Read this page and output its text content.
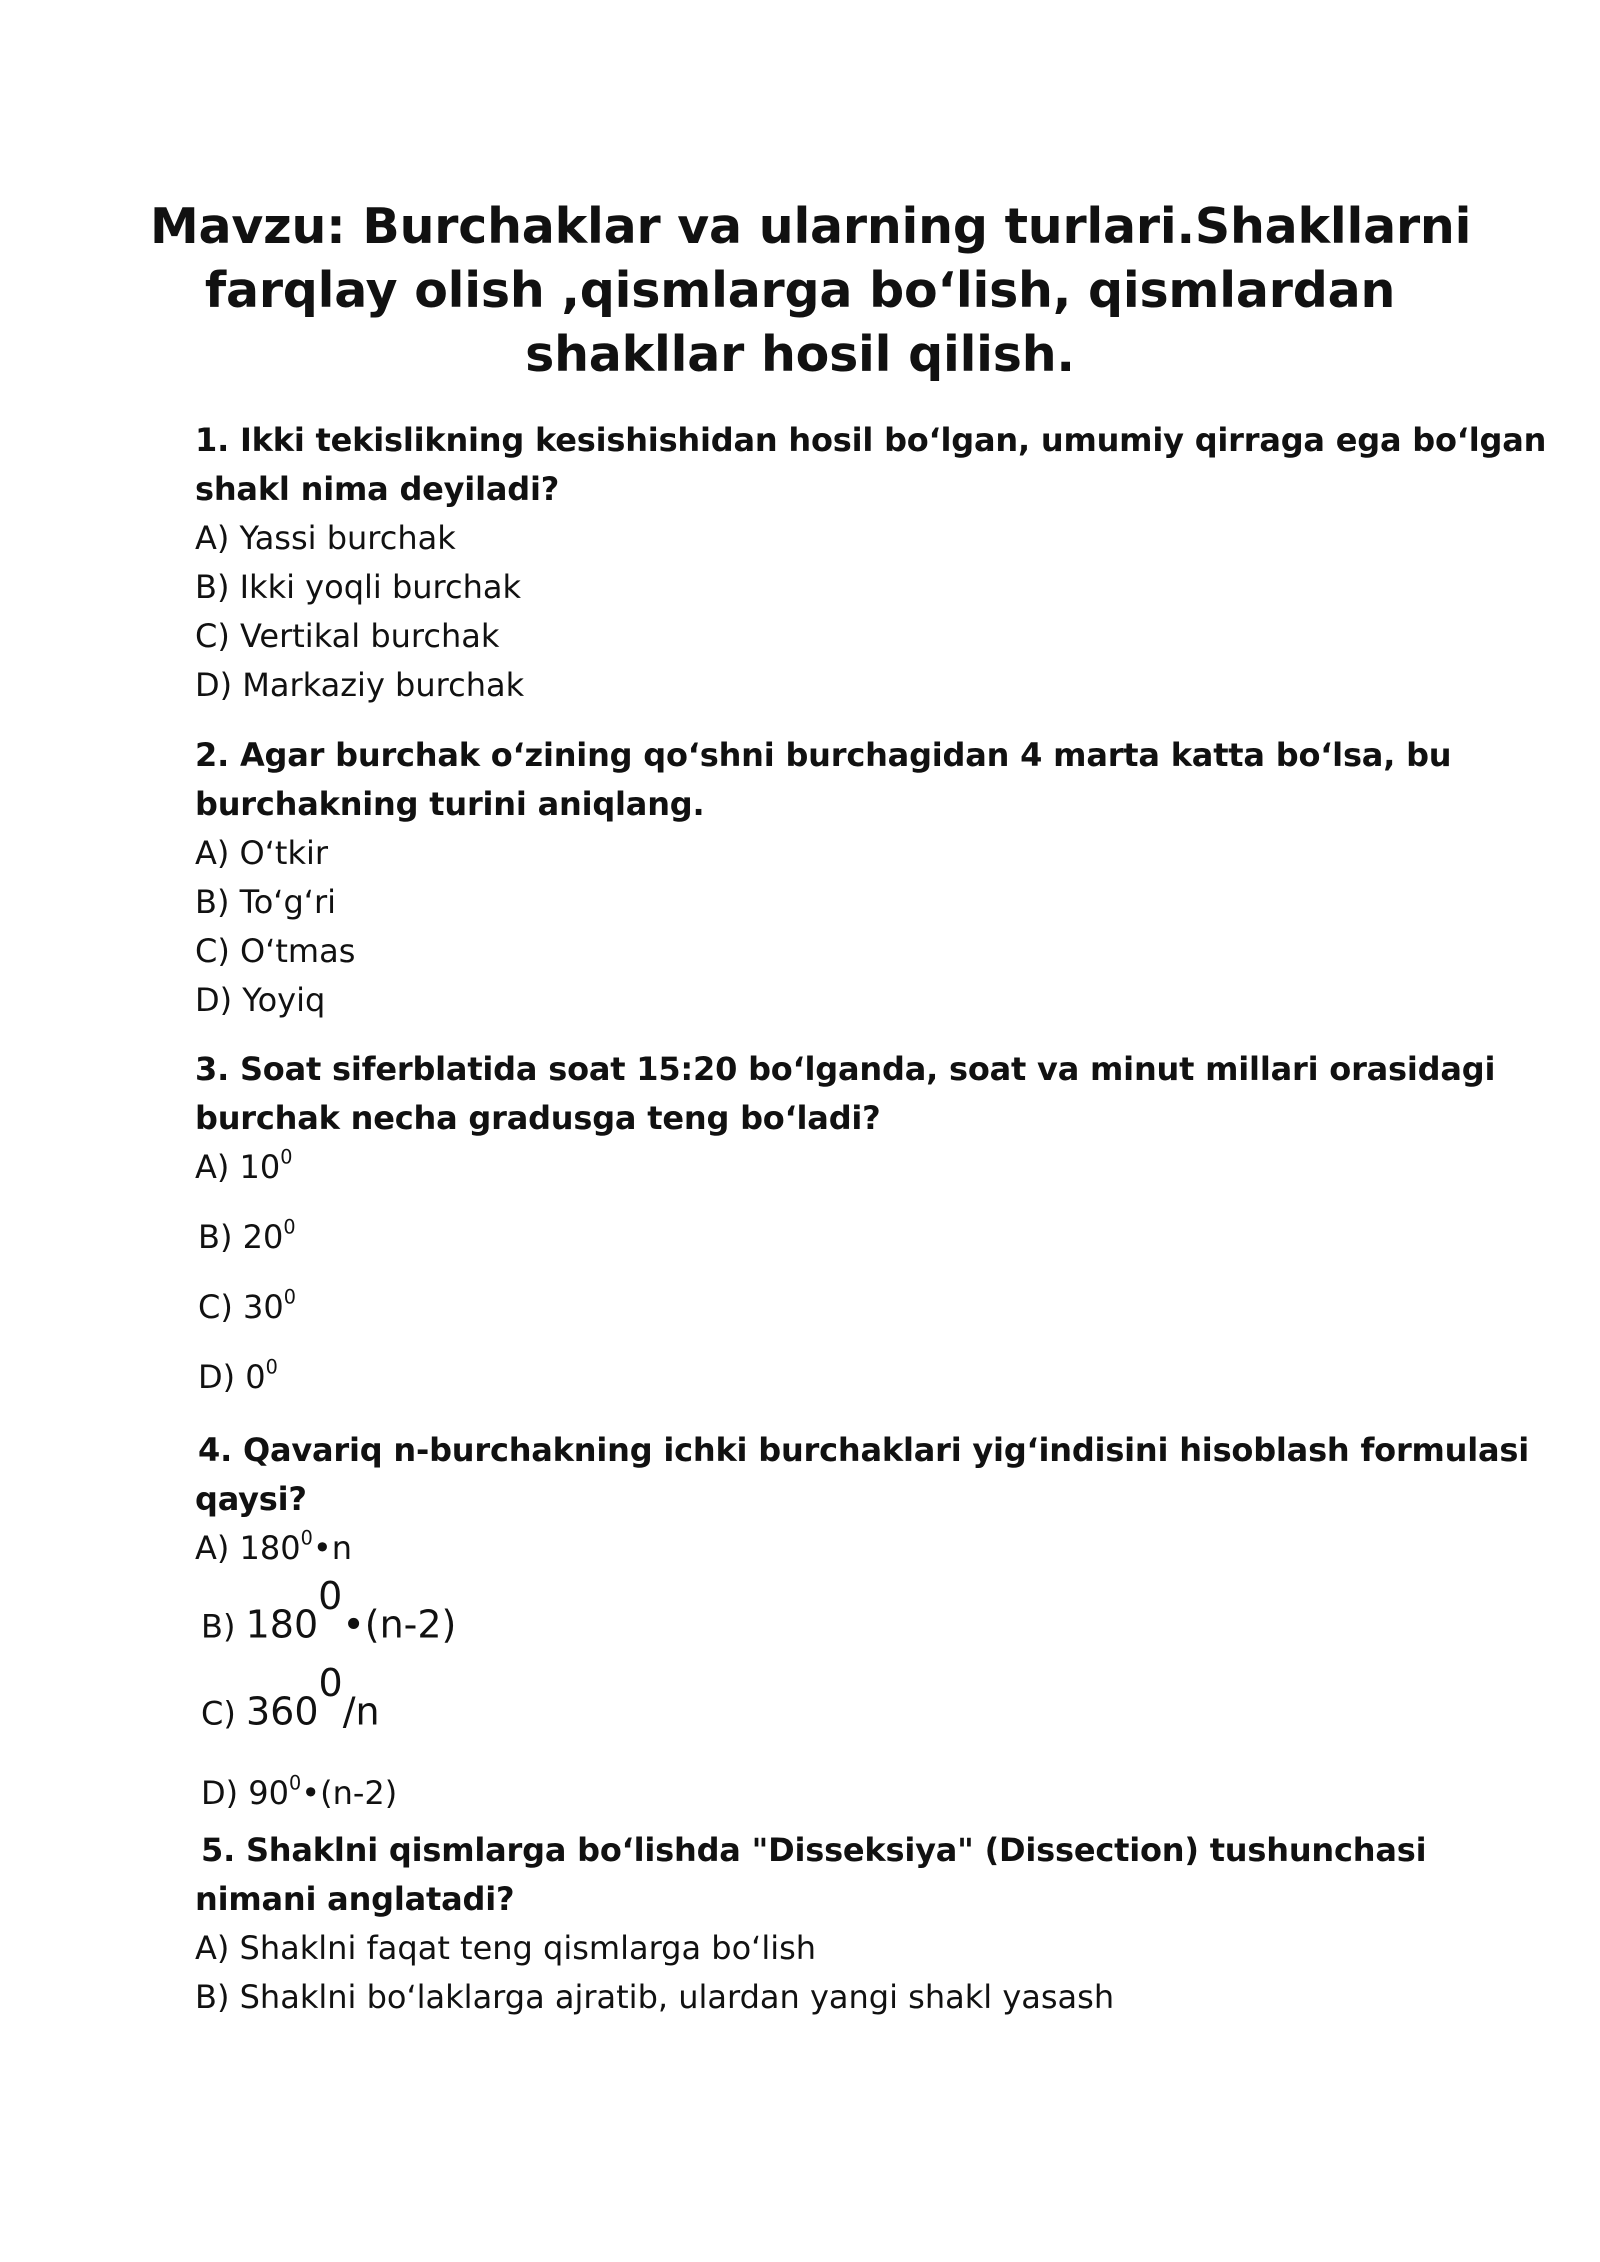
Mavzu: Burchaklar va ularning turlari.Shakllarni
farqlay olish ,qismlarga bo‘lish, qismlardan
shakllar hosil qilish.
1. Ikki tekislikning kesishishidan hosil bo‘lgan, umumiy qirraga ega bo‘lgan
shakl nima deyiladi?
A) Yassi burchak
B) Ikki yoqli burchak
C) Vertikal burchak
D) Markaziy burchak
2. Agar burchak o‘zining qo‘shni burchagidan 4 marta katta bo‘lsa, bu
burchakning turini aniqlang.
A) O‘tkir
B) To‘g‘ri
C) O‘tmas
D) Yoyiq
3. Soat siferblatida soat 15:20 bo‘lganda, soat va minut millari orasidagi
burchak necha gradusga teng bo‘ladi?
A) $10^0$
B) $20^0$
C) $30^0$
D) $0^0$
4. Qavariq n-burchakning ichki burchaklari yig‘indisini hisoblash formulasi
qaysi?
A) $180^0•n$
B) $180^0•(n-2)$
C) $360^0/n$
D) $90^0•(n-2)$
5. Shaklni qismlarga bo‘lishda "Disseksiya" (Dissection) tushunchasi
nimani anglatadi?
A) Shaklni faqat teng qismlarga bo‘lish
B) Shaklni bo‘laklarga ajratib, ulardan yangi shakl yasash
